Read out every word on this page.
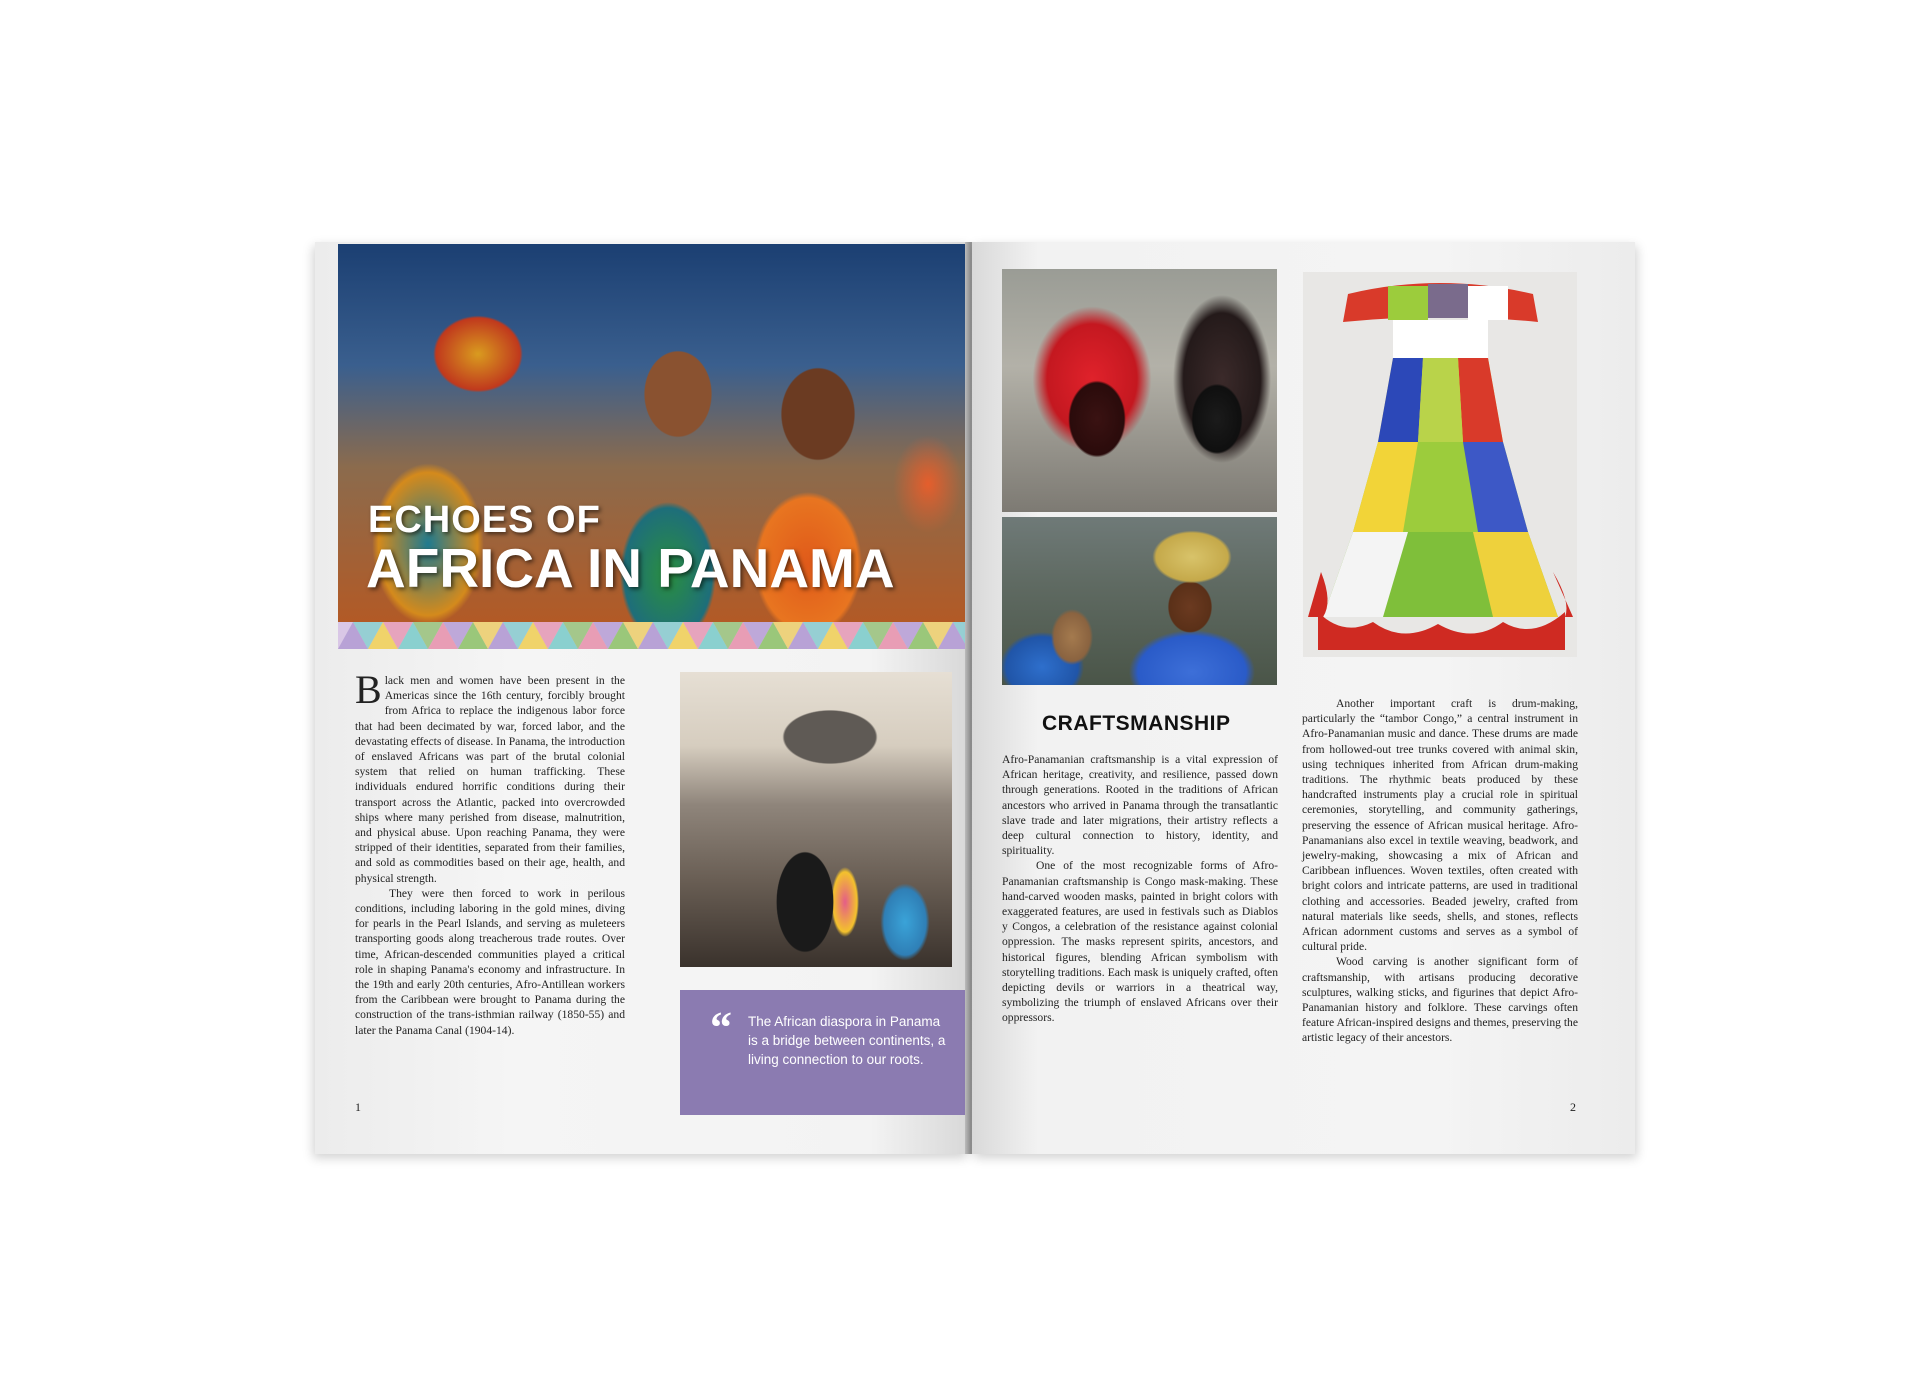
ECHOES OF
AFRICA IN PANAMA

Black men and women have been present in the Americas since the 16th century, forcibly brought from Africa to replace the indigenous labor force that had been decimated by war, forced labor, and the devastating effects of disease. In Panama, the introduction of enslaved Africans was part of the brutal colonial system that relied on human trafficking. These individuals endured horrific conditions during their transport across the Atlantic, packed into overcrowded ships where many perished from disease, malnutrition, and physical abuse. Upon reaching Panama, they were stripped of their identities, separated from their families, and sold as commodities based on their age, health, and physical strength.

They were then forced to work in perilous conditions, including laboring in the gold mines, diving for pearls in the Pearl Islands, and serving as muleteers transporting goods along treacherous trade routes. Over time, African-descended communities played a critical role in shaping Panama's economy and infrastructure. In the 19th and early 20th centuries, Afro-Antillean workers from the Caribbean were brought to Panama during the construction of the trans-isthmian railway (1850-55) and later the Panama Canal (1904-14).	“ The African diaspora in Panama is a bridge between continents, a living connection to our roots.
1
CRAFTSMANSHIP

Afro-Panamanian craftsmanship is a vital expression of African heritage, creativity, and resilience, passed down through generations. Rooted in the traditions of African ancestors who arrived in Panama through the transatlantic slave trade and later migrations, their artistry reflects a deep cultural connection to history, identity, and spirituality.

One of the most recognizable forms of Afro-Panamanian craftsmanship is Congo mask-making. These hand-carved wooden masks, painted in bright colors with exaggerated features, are used in festivals such as Diablos y Congos, a celebration of the resistance against colonial oppression. The masks represent spirits, ancestors, and historical figures, blending African symbolism with storytelling traditions. Each mask is uniquely crafted, often depicting devils or warriors in a theatrical way, symbolizing the triumph of enslaved Africans over their oppressors.

Another important craft is drum-making, particularly the “tambor Congo,” a central instrument in Afro-Panamanian music and dance. These drums are made from hollowed-out tree trunks covered with animal skin, using techniques inherited from African drum-making traditions. The rhythmic beats produced by these handcrafted instruments play a crucial role in spiritual ceremonies, storytelling, and community gatherings, preserving the essence of African musical heritage. Afro-Panamanians also excel in textile weaving, beadwork, and jewelry-making, showcasing a mix of African and Caribbean influences. Woven textiles, often created with bright colors and intricate patterns, are used in traditional clothing and accessories. Beaded jewelry, crafted from natural materials like seeds, shells, and stones, reflects African adornment customs and serves as a symbol of cultural pride.

Wood carving is another significant form of craftsmanship, with artisans producing decorative sculptures, walking sticks, and figurines that depict Afro-Panamanian history and folklore. These carvings often feature African-inspired designs and themes, preserving the artistic legacy of their ancestors.

2
